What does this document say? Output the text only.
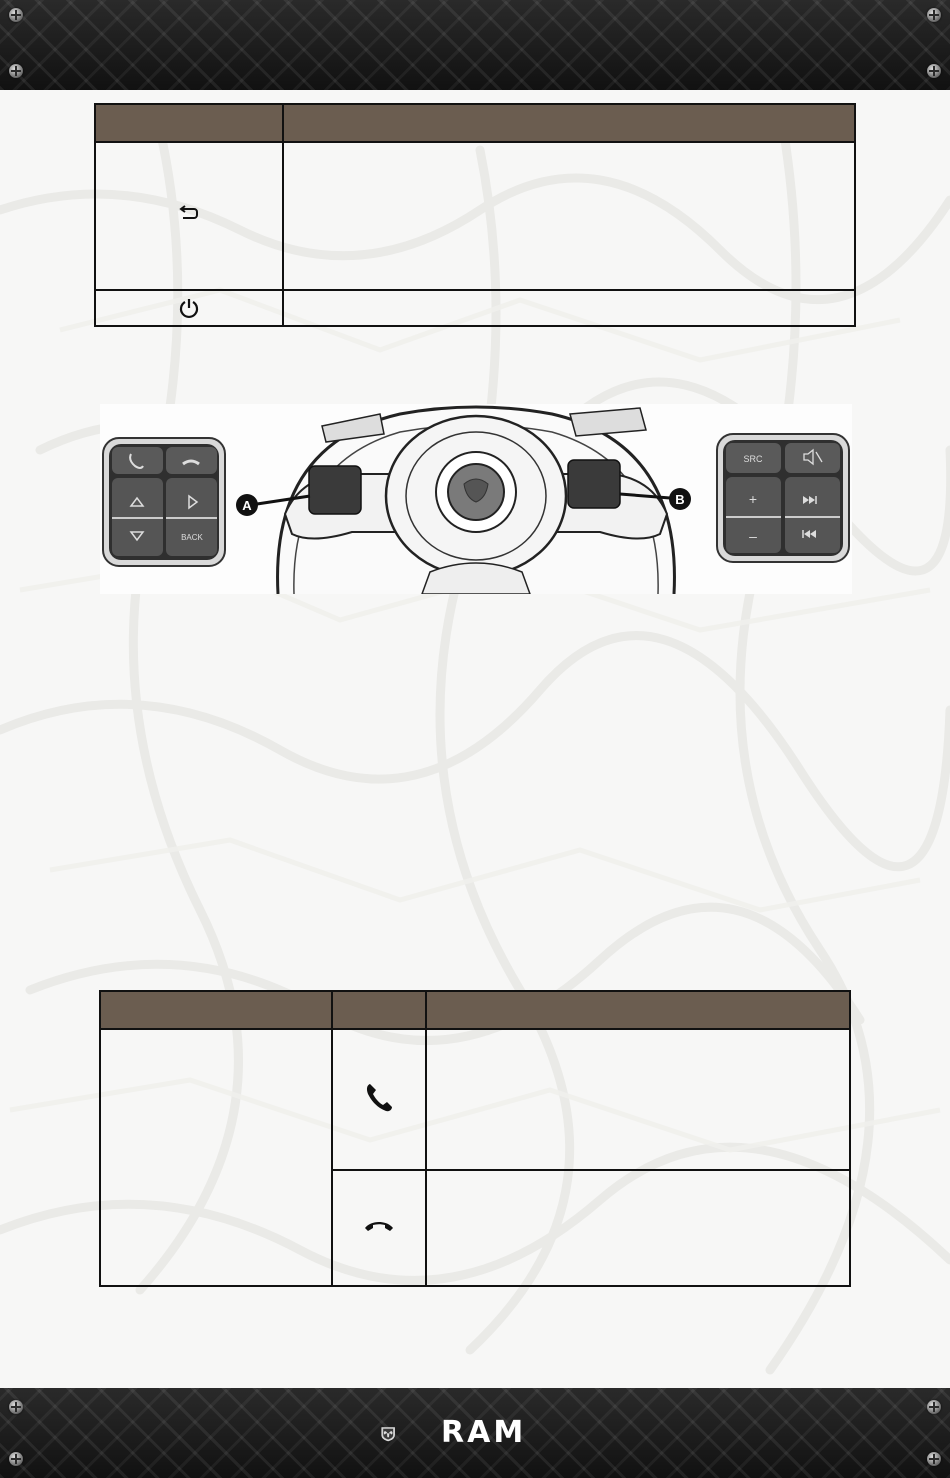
BACK
A	B
SRC
+
–

RAM
